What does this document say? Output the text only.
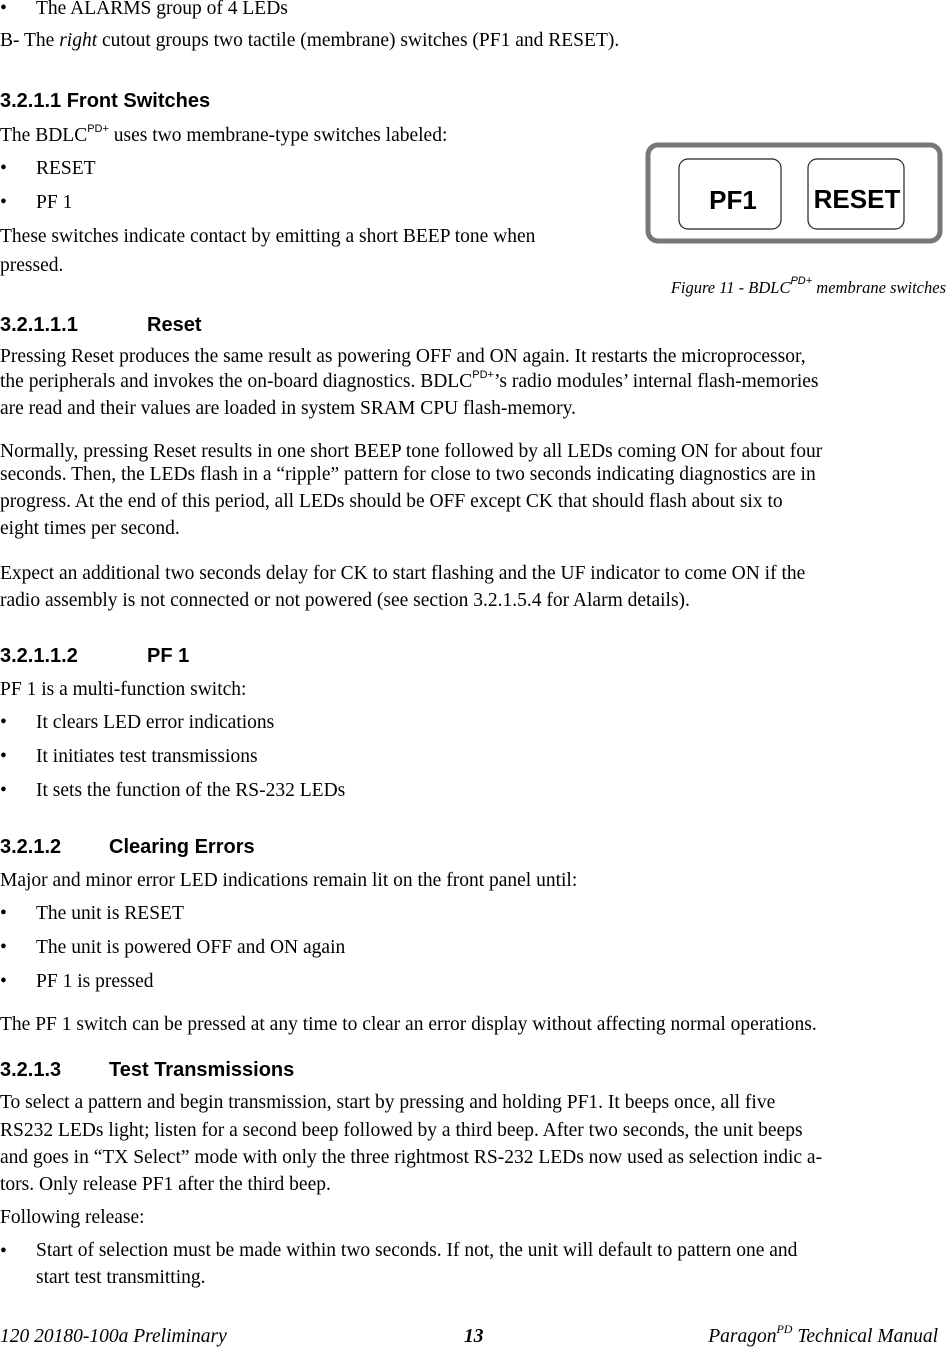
• The ALARMS group of 4 LEDs
B- The right cutout groups two tactile (membrane) switches (PF1 and RESET).
3.2.1.1 Front Switches
The $BDLC^{PD+}$ uses two membrane-type switches labeled:
• RESET
• PF 1
These switches indicate contact by emitting a short BEEP tone when
pressed.
PF1 RESET
Figure $11 - BDLC^{PD+}$ membrane switches
3.2.1.1.1	Reset
Pressing Reset produces the same result as powering OFF and ON again. It restarts the microprocessor,
the peripherals and invokes the on-board diagnostics. $BDLC^{PD+}’s$ radio modules’ internal flash-memories
are read and their values are loaded in system SRAM CPU flash-memory.
Normally, pressing Reset results in one short BEEP tone followed by all LEDs coming ON for about four
seconds. Then, the LEDs flash in a “ripple” pattern for close to two seconds indicating diagnostics are in
progress. At the end of this period, all LEDs should be OFF except CK that should flash about six to
eight times per second.
Expect an additional two seconds delay for CK to start flashing and the UF indicator to come ON if the
radio assembly is not connected or not powered (see section 3.2.1.5.4 for Alarm details).
3.2.1.1.2	PF 1
PF 1 is a multi-function switch:
• It clears LED error indications
• It initiates test transmissions
• It sets the function of the RS-232 LEDs
3.2.1.2 Clearing Errors
Major and minor error LED indications remain lit on the front panel until:
• The unit is RESET
• The unit is powered OFF and ON again
• PF 1 is pressed
The PF 1 switch can be pressed at any time to clear an error display without affecting normal operations.
3.2.1.3 Test Transmissions
To select a pattern and begin transmission, start by pressing and holding PF1. It beeps once, all five
RS232 LEDs light; listen for a second beep followed by a third beep. After two seconds, the unit beeps
and goes in “TX Select” mode with only the three rightmost RS-232 LEDs now used as selection indic a-
tors. Only release PF1 after the third beep.
Following release:
• Start of selection must be made within two seconds. If not, the unit will default to pattern one and
start test transmitting.
120 20180-100a Preliminary	13	Paragon$^{PD}$ Technical Manual
